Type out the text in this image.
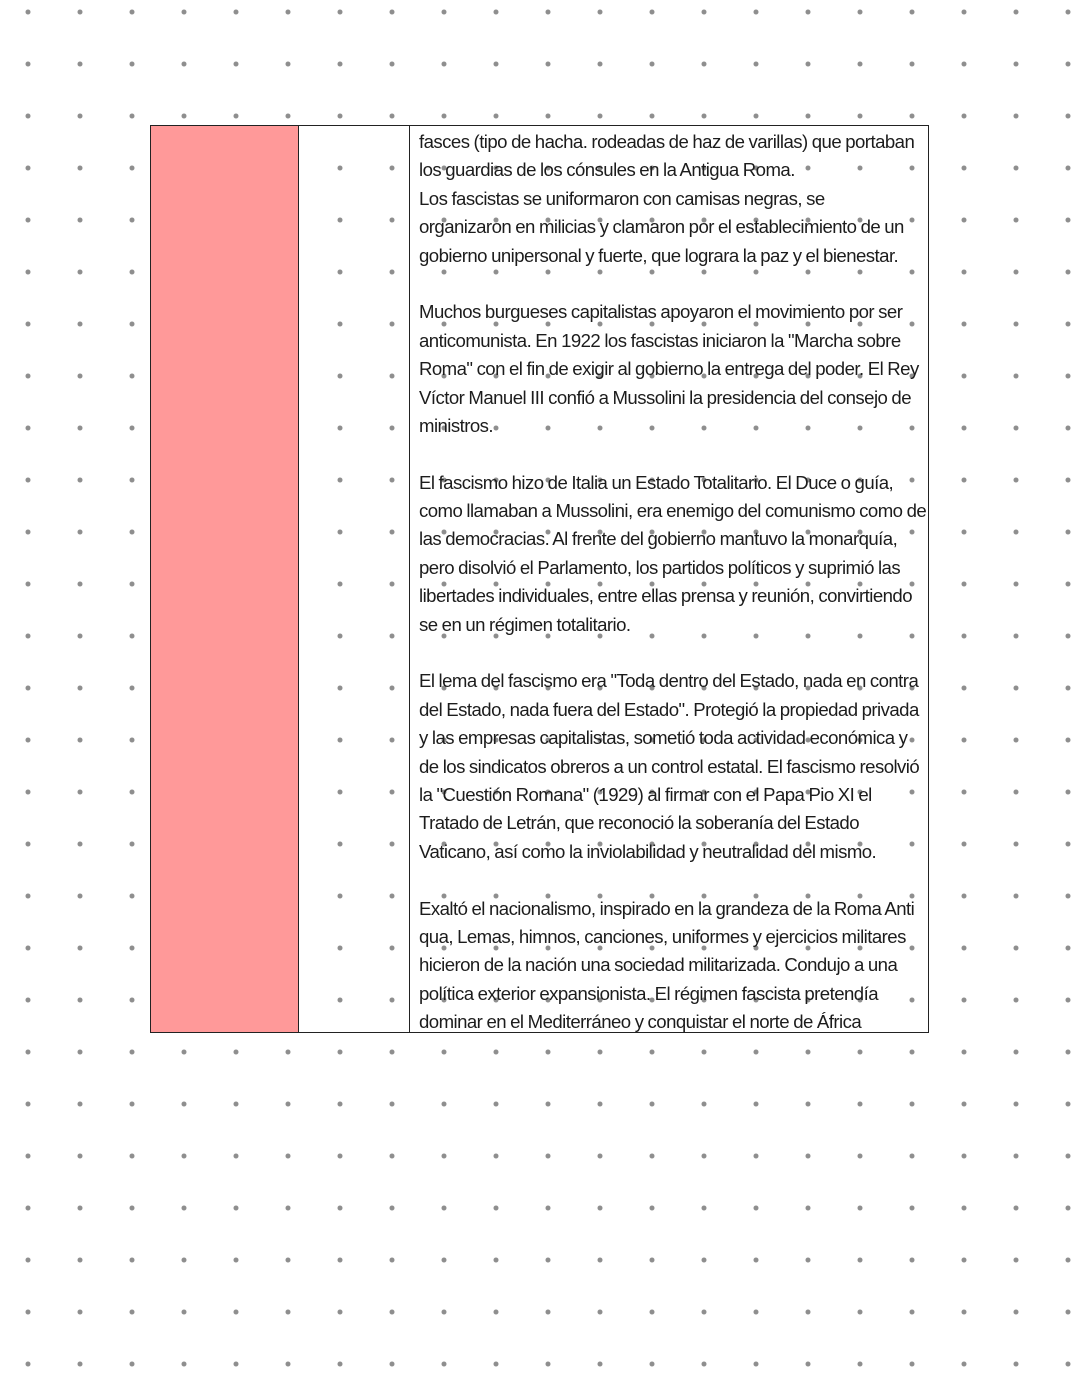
fasces (tipo de hacha. rodeadas de haz de varillas) que portaban
los guardias de los cónsules en la Antigua Roma.
Los fascistas se uniformaron con camisas negras, se
organizaron en milicias y clamaron por el establecimiento de un
gobierno unipersonal y fuerte, que lograra la paz y el bienestar.

Muchos burgueses capitalistas apoyaron el movimiento por ser
anticomunista. En 1922 los fascistas iniciaron la "Marcha sobre
Roma" con el fin de exigir al gobierno la entrega del poder. El Rey
Víctor Manuel III confió a Mussolini la presidencia del consejo de
ministros.

El fascismo hizo de Italia un Estado Totalitario. El Duce o guía,
como llamaban a Mussolini, era enemigo del comunismo como de
las democracias. Al frente del gobierno mantuvo la monarquía,
pero disolvió el Parlamento, los partidos políticos y suprimió las
libertades individuales, entre ellas prensa y reunión, convirtiendo
se en un régimen totalitario.

El lema del fascismo era "Toda dentro del Estado, nada en contra
del Estado, nada fuera del Estado". Protegió la propiedad privada
y las empresas capitalistas, sometió toda actividad económica y
de los sindicatos obreros a un control estatal. El fascismo resolvió
la "Cuestión Romana" (1929) al firmar con el Papa Pio XI el
Tratado de Letrán, que reconoció la soberanía del Estado
Vaticano, así como la inviolabilidad y neutralidad del mismo.

Exaltó el nacionalismo, inspirado en la grandeza de la Roma Anti
qua, Lemas, himnos, canciones, uniformes y ejercicios militares
hicieron de la nación una sociedad militarizada. Condujo a una
política exterior expansionista. El régimen fascista pretendía
dominar en el Mediterráneo y conquistar el norte de África
